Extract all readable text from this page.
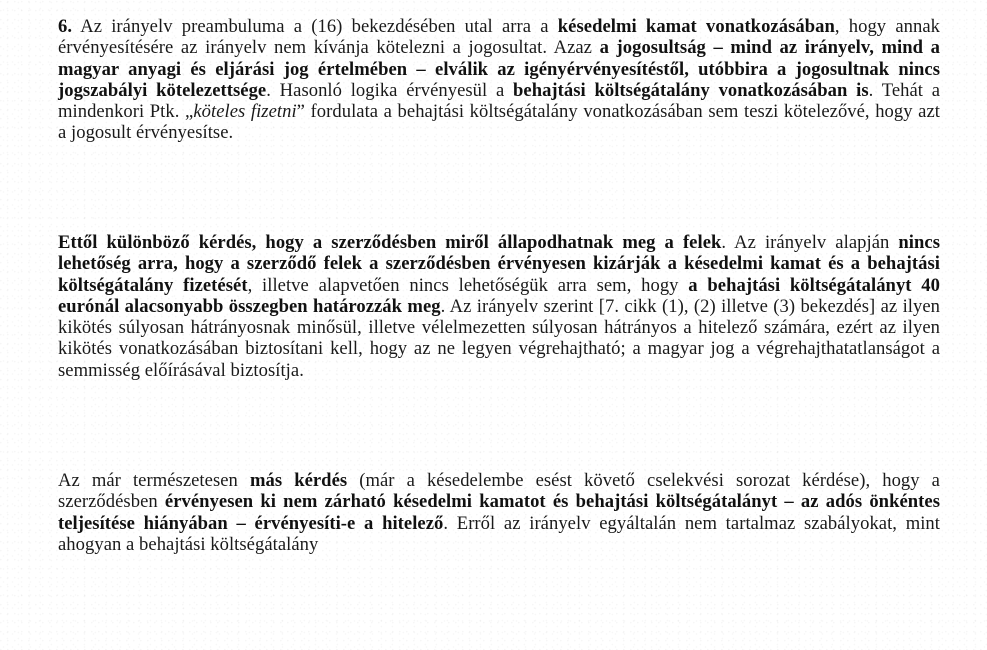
6. Az irányelv preambuluma a (16) bekezdésében utal arra a késedelmi kamat vonatkozásában, hogy annak érvényesítésére az irányelv nem kívánja kötelezni a jogosultat. Azaz a jogosultság – mind az irányelv, mind a magyar anyagi és eljárási jog értelmében – elválik az igényérvényesítéstől, utóbbira a jogosultnak nincs jogszabályi kötelezettsége. Hasonló logika érvényesül a behajtási költségátalány vonatkozásában is. Tehát a mindenkori Ptk. „köteles fizetni” fordulata a behajtási költségátalány vonatkozásában sem teszi kötelezővé, hogy azt a jogosult érvényesítse.

Ettől különböző kérdés, hogy a szerződésben miről állapodhatnak meg a felek. Az irányelv alapján nincs lehetőség arra, hogy a szerződő felek a szerződésben érvényesen kizárják a késedelmi kamat és a behajtási költségátalány fizetését, illetve alapvetően nincs lehetőségük arra sem, hogy a behajtási költségátalányt 40 eurónál alacsonyabb összegben határozzák meg. Az irányelv szerint [7. cikk (1), (2) illetve (3) bekezdés] az ilyen kikötés súlyosan hátrányosnak minősül, illetve vélelmezetten súlyosan hátrányos a hitelező számára, ezért az ilyen kikötés vonatkozásában biztosítani kell, hogy az ne legyen végrehajtható; a magyar jog a végrehajthatatlanságot a semmisség előírásával biztosítja.

Az már természetesen más kérdés (már a késedelembe esést követő cselekvési sorozat kérdése), hogy a szerződésben érvényesen ki nem zárható késedelmi kamatot és behajtási költségátalányt – az adós önkéntes teljesítése hiányában – érvényesíti-e a hitelező. Erről az irányelv egyáltalán nem tartalmaz szabályokat, mint ahogyan a behajtási költségátalány
